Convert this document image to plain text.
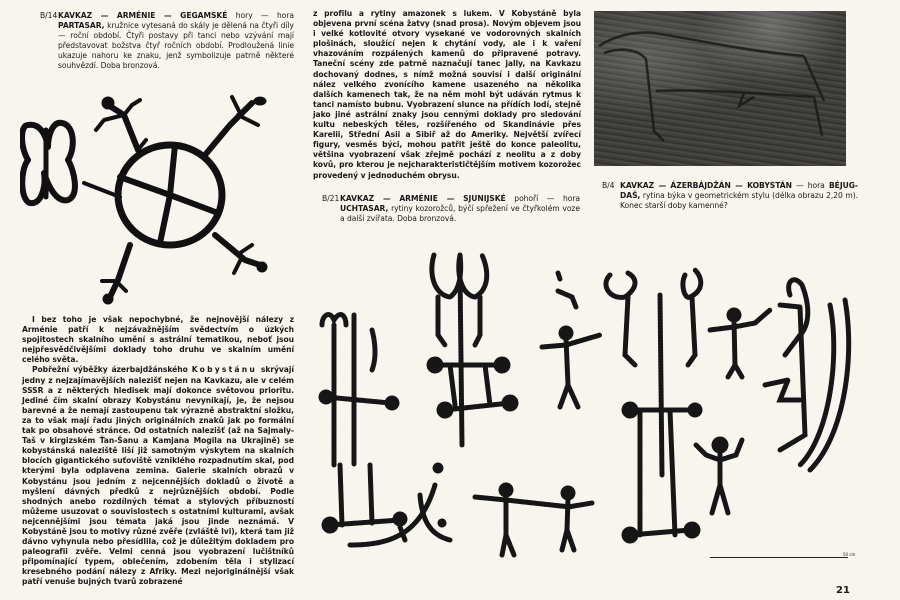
B/14KAVKAZ — ARMÉNIE — GEGAMSKÉ hory — hora PARTASAR, kružnice vytesaná do skály je dělená na čtyři díly — roční období. Čtyři postavy při tanci nebo vzývání mají představovat božstva čtyř ročních období. Prodloužená linie ukazuje nahoru ke znaku, jenž symbolizuje patrně některé souhvězdí. Doba bronzová.

I bez toho je však nepochybné, že nejnovější nálezy z Arménie patří k nejzávažnějším svědectvím o úzkých spojitostech skalního umění s astrální tematikou, neboť jsou nejpřesvědčivějšími doklady toho druhu ve skalním umění celého světa.

Pobřežní výběžky ázerbajdžánského Kobystánu skrývají jedny z nejzajímavějších nalezišť nejen na Kavkazu, ale v celém SSSR a z některých hledisek mají dokonce světovou prioritu. Jediné čím skalní obrazy Kobystánu nevynikají, je, že nejsou barevné a že nemají zastoupenu tak výrazně abstraktní složku, za to však mají řadu jiných originálních znaků jak po formální tak po obsahové stránce. Od ostatních nalezišť (až na Sajmaly-Taš v kirgizském Ťan-Šanu a Kamjana Mogila na Ukrajině) se kobystánská naleziště liší již samotným výskytem na skalních blocích gigantického suťoviště vzniklého rozpadnutím skal, pod kterými byla odplavena zemina. Galerie skalních obrazů v Kobystánu jsou jedním z nejcennějších dokladů o životě a myšlení dávných předků z nejrůznějších období. Podle shodných anebo rozdílných témat a stylových příbuzností můžeme usuzovat o souvislostech s ostatními kulturami, avšak nejcennějšími jsou témata jaká jsou jinde neznámá. V Kobystáně jsou to motivy různé zvěře (zvláště lvi), která tam již dávno vyhynula nebo přesídlila, což je důležitým dokladem pro paleografii zvěře. Velmi cenná jsou vyobrazení lučištníků připomínající typem, oblečením, zdobením těla i stylizací kresebného podání nálezy z Afriky. Mezi nejoriginálnější však patří venuše bujných tvarů zobrazené

z profilu a rytiny amazonek s lukem. V Kobystáně byla objevena první scéna žatvy (snad prosa). Novým objevem jsou i velké kotlovité otvory vysekané ve vodorovných skalních plošinách, sloužící nejen k chytání vody, ale i k vaření vhazováním rozpálených kamenů do připravené potravy. Taneční scény zde patrně naznačují tanec jally, na Kavkazu dochovaný dodnes, s nímž možná souvisí i další originální nález velkého zvonícího kamene usazeného na několika dalších kamenech tak, že na něm mohl být udáván rytmus k tanci namísto bubnu. Vyobrazení slunce na přídích lodí, stejně jako jiné astrální znaky jsou cennými doklady pro sledování kultu nebeských těles, rozšířeného od Skandinávie přes Karelii, Střední Asii a Sibiř až do Ameriky. Největší zvířecí figury, vesměs býci, mohou patřit ještě do konce paleolitu, většina vyobrazení však zřejmě pochází z neolitu a z doby kovů, pro kterou je nejcharakterističtějším motivem kozorožec provedený v jednoduchém obrysu.

B/21KAVKAZ — ARMÉNIE — SJUNIJSKÉ pohoří — hora UCHTASAR, rytiny kozorožců, býčí spřežení ve čtyřkolém voze a další zvířata. Doba bronzová.
B/4 KAVKAZ — ÁZERBÁJDŽÁN — KOBYSTÁN — hora BÉJUG-DAŠ, rytina býka v geometrickém stylu (délka obrazu 2,20 m). Konec starší doby kamenné?
50 cm
21
